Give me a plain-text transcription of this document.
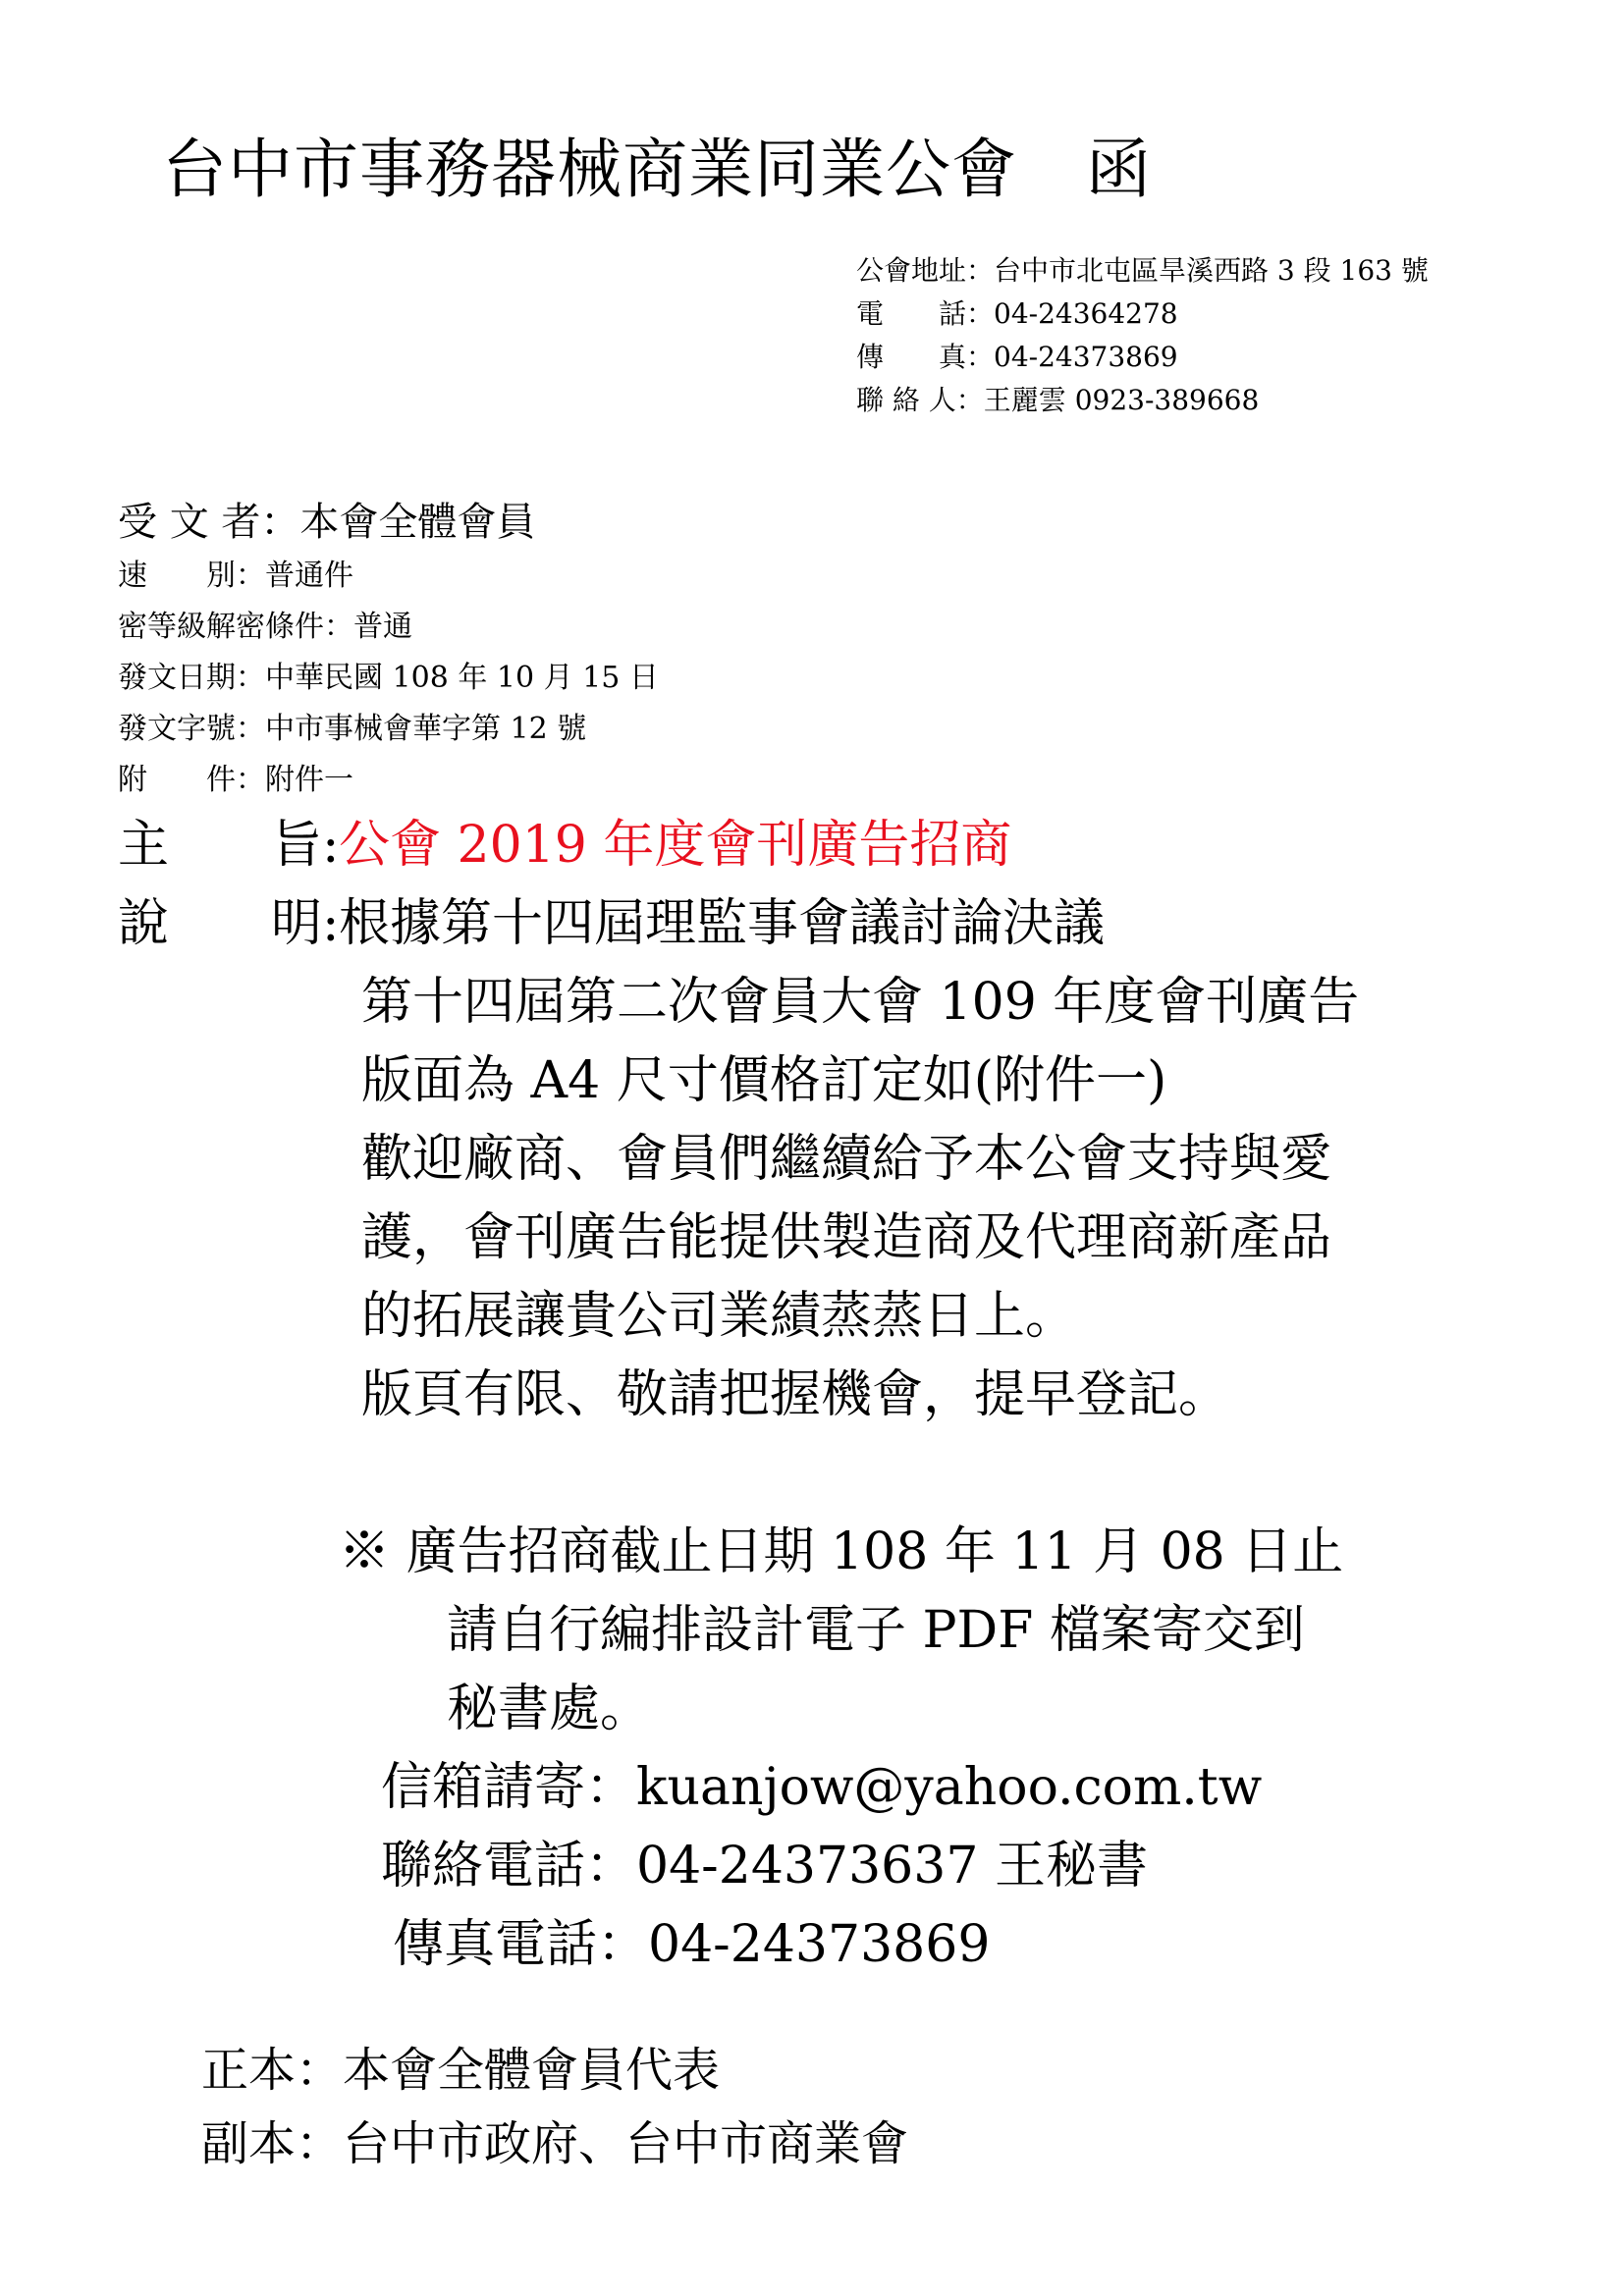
台中市事務器械商業同業公會 函
公會地址：台中市北屯區旱溪西路 3 段 163 號
電　　話：04-24364278
傳　　真：04-24373869
聯 絡 人：王麗雲 0923-389668
受 文 者：本會全體會員
速　　別：普通件
密等級解密條件：普通
發文日期：中華民國 108 年 10 月 15 日
發文字號：中市事械會華字第 12 號
附　　件：附件一
主　　旨:公會 2019 年度會刊廣告招商
說　　明:根據第十四屆理監事會議討論決議
第十四屆第二次會員大會 109 年度會刊廣告
版面為 A4 尺寸價格訂定如(附件一)
歡迎廠商、會員們繼續給予本公會支持與愛
護，會刊廣告能提供製造商及代理商新產品
的拓展讓貴公司業績蒸蒸日上。
版頁有限、敬請把握機會，提早登記。
※ 廣告招商截止日期 108 年 11 月 08 日止
請自行編排設計電子 PDF 檔案寄交到
秘書處。
信箱請寄：kuanjow@yahoo.com.tw
聯絡電話：04-24373637 王秘書
傳真電話：04-24373869
正本：本會全體會員代表
副本：台中市政府、台中市商業會
